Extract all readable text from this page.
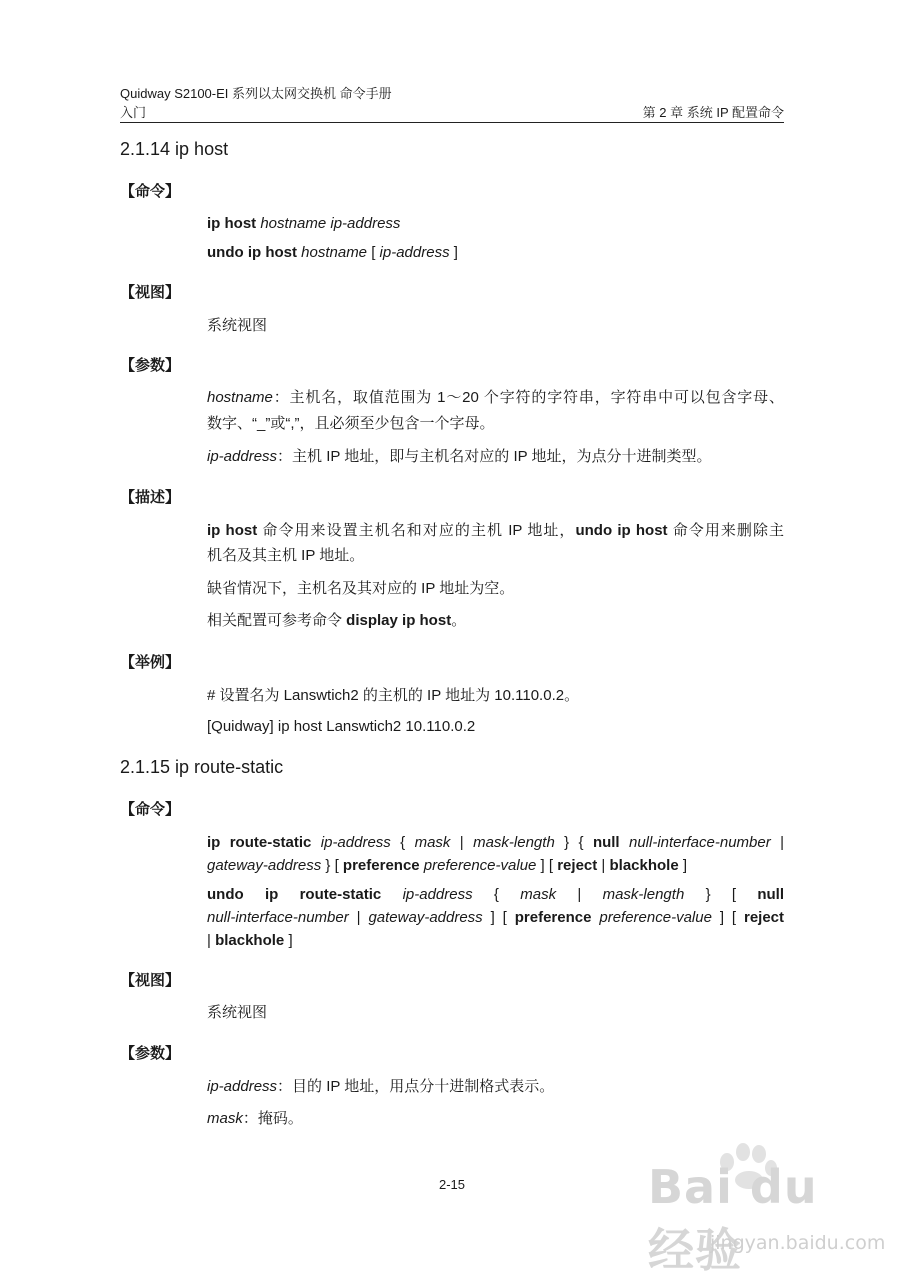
Quidway S2100-EI 系列以太网交换机 命令手册
入门	第 2 章 系统 IP 配置命令
2.1.14 ip host
【命令】
ip host hostname ip-address
undo ip host hostname [ ip-address ]
【视图】
系统视图
【参数】
hostname：主机名，取值范围为 1～20 个字符的字符串，字符串中可以包含字母、
数字、“_”或“,”，且必须至少包含一个字母。
ip-address：主机 IP 地址，即与主机名对应的 IP 地址，为点分十进制类型。
【描述】
ip host 命令用来设置主机名和对应的主机 IP 地址，undo ip host 命令用来删除主
机名及其主机 IP 地址。
缺省情况下，主机名及其对应的 IP 地址为空。
相关配置可参考命令 display ip host。
【举例】
# 设置名为 Lanswtich2 的主机的 IP 地址为 10.110.0.2。
[Quidway] ip host Lanswtich2 10.110.0.2
2.1.15 ip route-static
【命令】
ip route-static ip-address { mask | mask-length } { null null-interface-number |
gateway-address } [ preference preference-value ] [ reject | blackhole ]
undo ip route-static ip-address { mask | mask-length } [ null
null-interface-number | gateway-address ] [ preference preference-value ] [ reject
| blackhole ]
【视图】
系统视图
【参数】
ip-address：目的 IP 地址，用点分十进制格式表示。
mask：掩码。
2-15	Bai du 经验
jingyan.baidu.com
